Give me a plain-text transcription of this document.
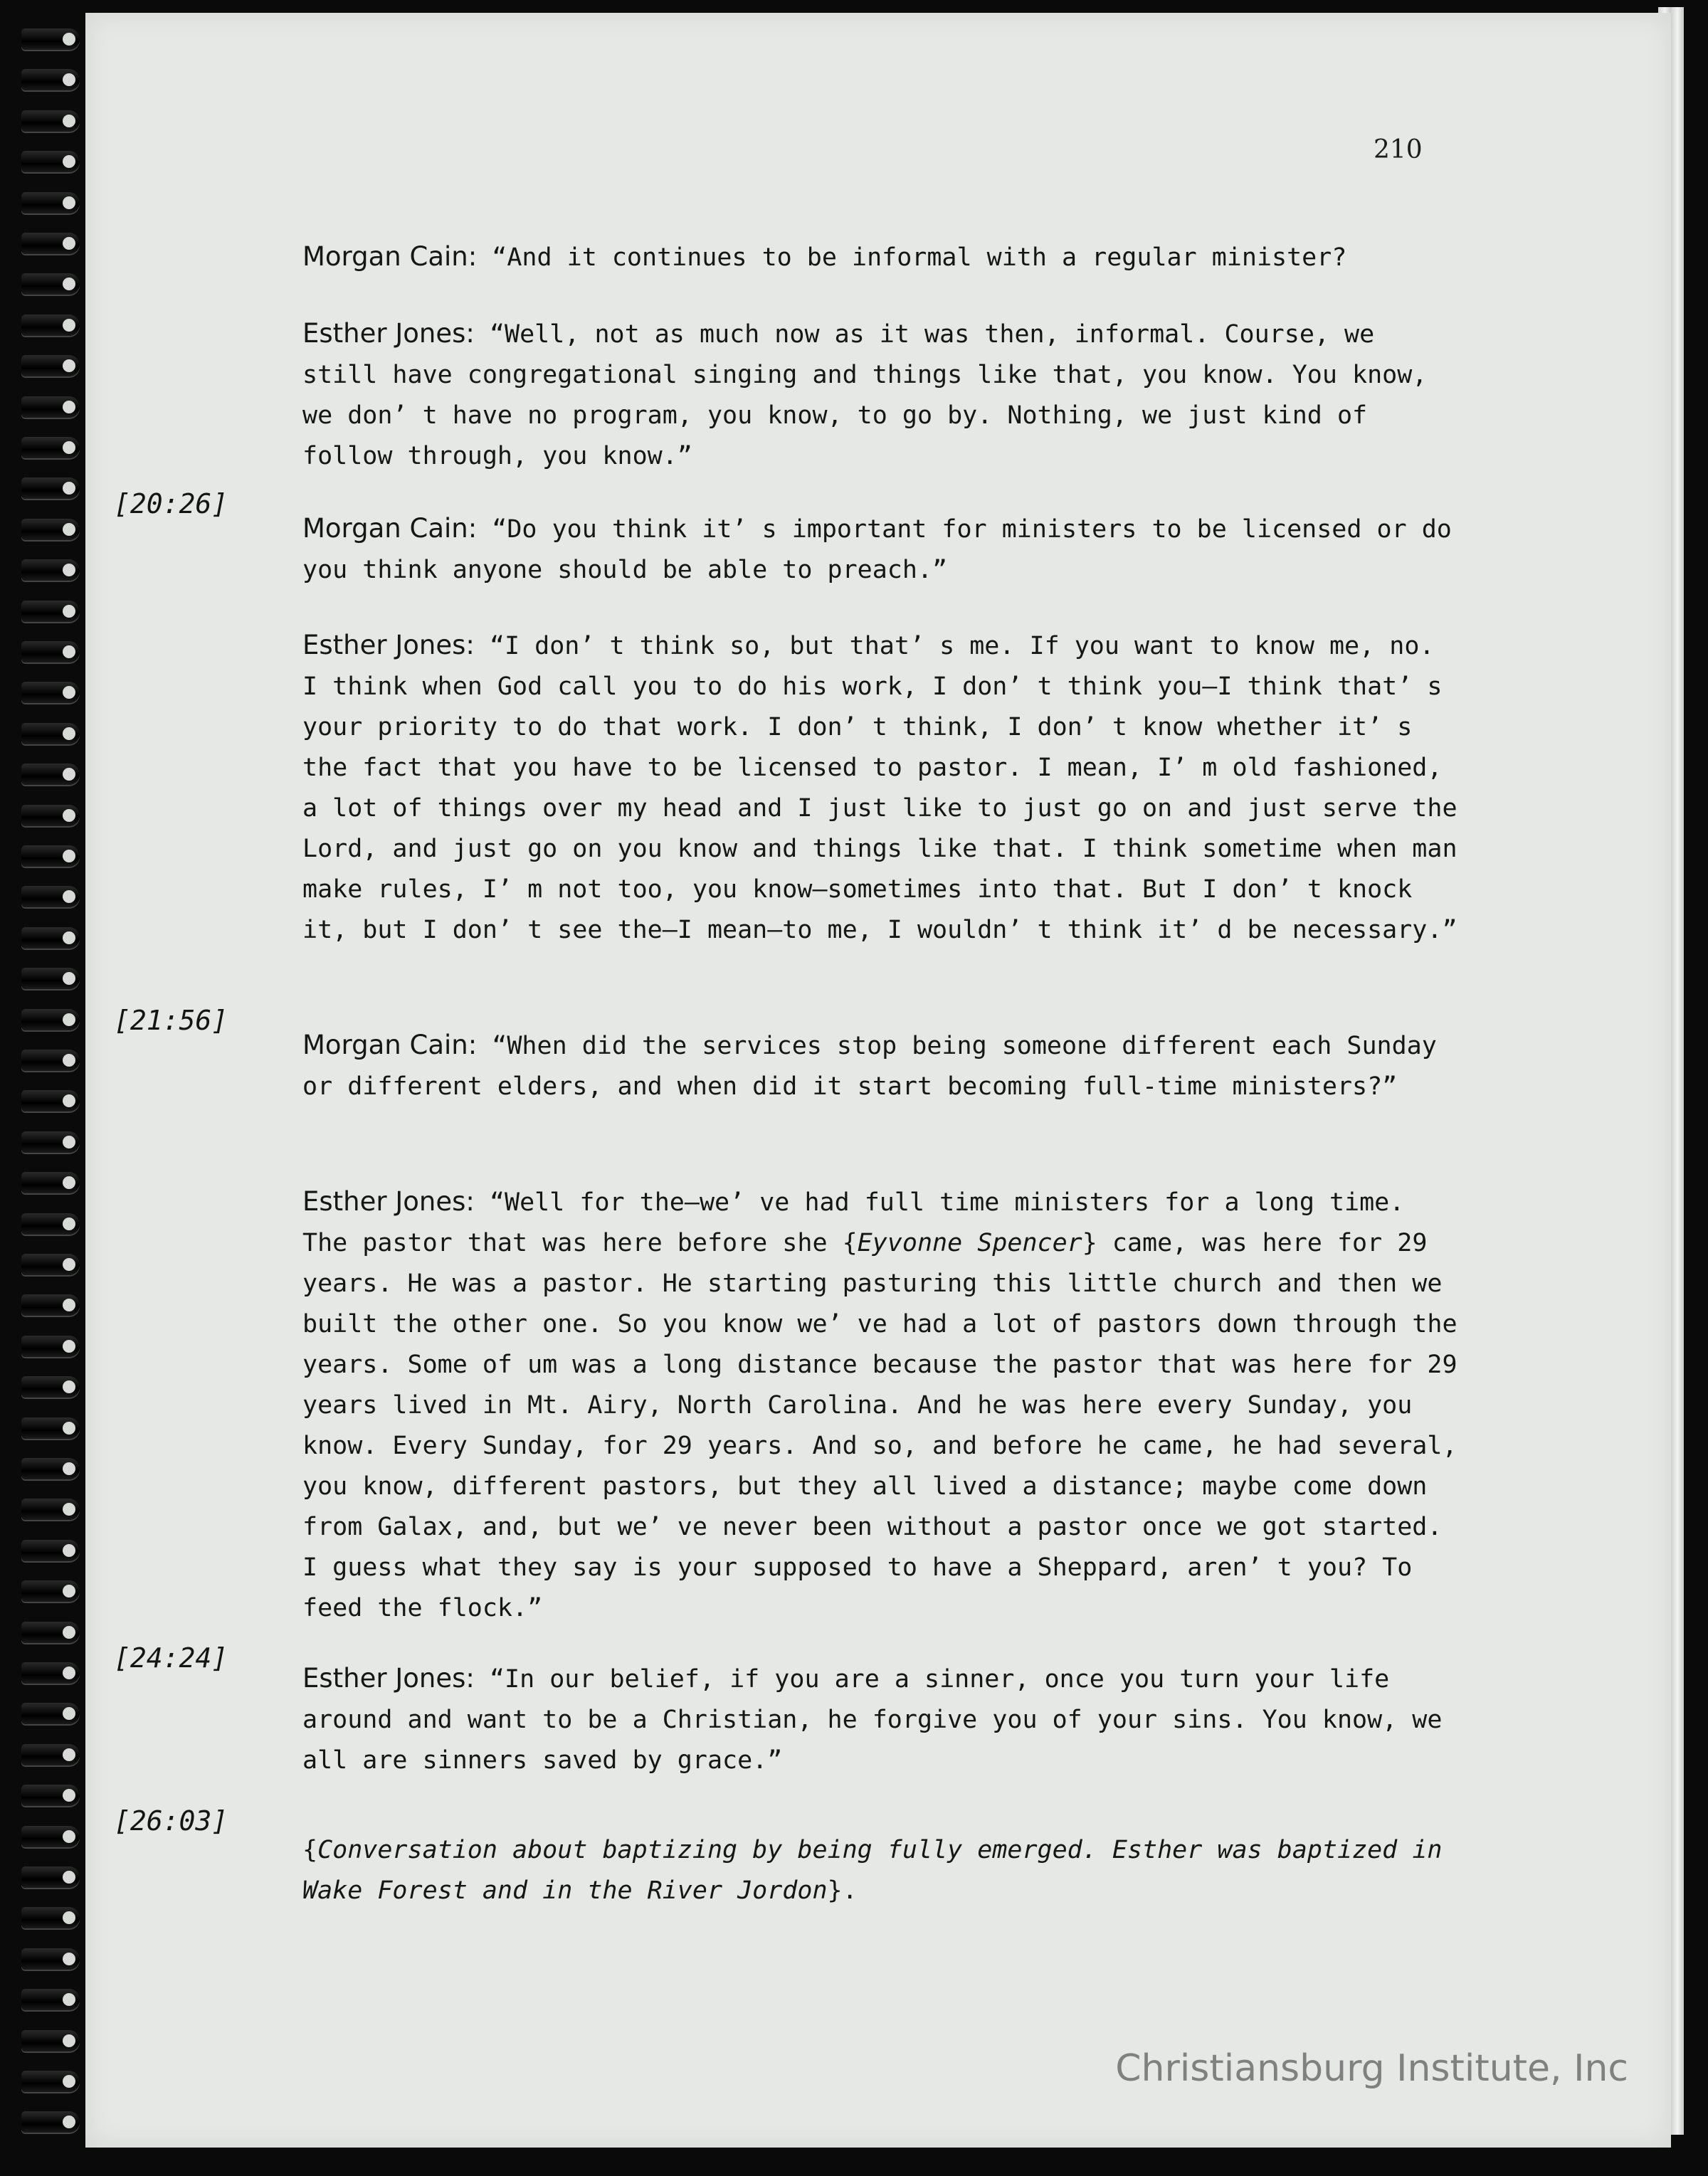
210
[20:26]
[21:56]
[24:24]
[26:03]
Morgan Cain: “And it continues to be informal with a regular minister?
Esther Jones: “Well, not as much now as it was then, informal. Course, we still have congregational singing and things like that, you know. You know, we don’ t have no program, you know, to go by. Nothing, we just kind of follow through, you know.”
Morgan Cain: “Do you think it’ s important for ministers to be licensed or do you think anyone should be able to preach.”
Esther Jones: “I don’ t think so, but that’ s me. If you want to know me, no. I think when God call you to do his work, I don’ t think you—I think that’ s your priority to do that work. I don’ t think, I don’ t know whether it’ s the fact that you have to be licensed to pastor. I mean, I’ m old fashioned, a lot of things over my head and I just like to just go on and just serve the Lord, and just go on you know and things like that. I think sometime when man make rules, I’ m not too, you know—sometimes into that. But I don’ t knock it, but I don’ t see the—I mean—to me, I wouldn’ t think it’ d be necessary.”
Morgan Cain: “When did the services stop being someone different each Sunday or different elders, and when did it start becoming full-time ministers?”
Esther Jones: “Well for the—we’ ve had full time ministers for a long time. The pastor that was here before she {Eyvonne Spencer} came, was here for 29 years. He was a pastor. He starting pasturing this little church and then we built the other one. So you know we’ ve had a lot of pastors down through the years. Some of um was a long distance because the pastor that was here for 29 years lived in Mt. Airy, North Carolina. And he was here every Sunday, you know. Every Sunday, for 29 years. And so, and before he came, he had several, you know, different pastors, but they all lived a distance; maybe come down from Galax, and, but we’ ve never been without a pastor once we got started. I guess what they say is your supposed to have a Sheppard, aren’ t you? To feed the flock.”
Esther Jones: “In our belief, if you are a sinner, once you turn your life around and want to be a Christian, he forgive you of your sins. You know, we all are sinners saved by grace.”
{Conversation about baptizing by being fully emerged. Esther was baptized in Wake Forest and in the River Jordon}.
Christiansburg Institute, Inc
